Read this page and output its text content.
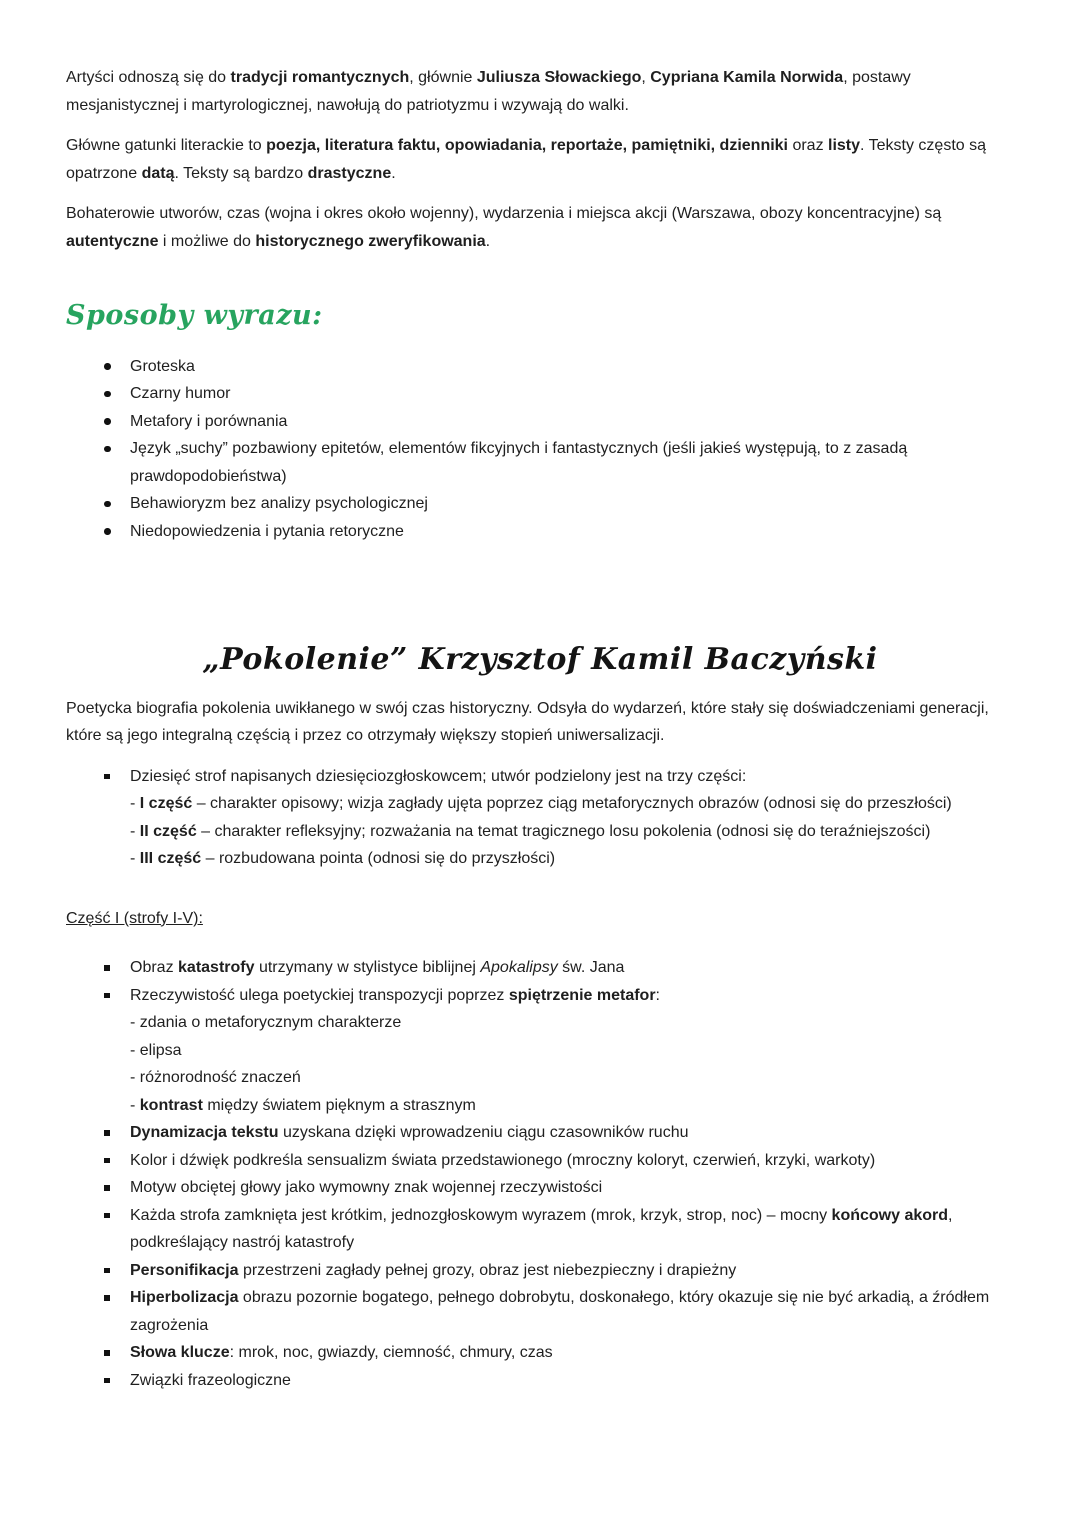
Artyści odnoszą się do tradycji romantycznych, głównie Juliusza Słowackiego, Cypriana Kamila Norwida, postawy mesjanistycznej i martyrologicznej, nawołują do patriotyzmu i wzywają do walki.

Główne gatunki literackie to poezja, literatura faktu, opowiadania, reportaże, pamiętniki, dzienniki oraz listy. Teksty często są opatrzone datą. Teksty są bardzo drastyczne.

Bohaterowie utworów, czas (wojna i okres około wojenny), wydarzenia i miejsca akcji (Warszawa, obozy koncentracyjne) są autentyczne i możliwe do historycznego zweryfikowania.

Sposoby wyrazu:
Groteska
Czarny humor
Metafory i porównania
Język „suchy” pozbawiony epitetów, elementów fikcyjnych i fantastycznych (jeśli jakieś występują, to z zasadą prawdopodobieństwa)
Behawioryzm bez analizy psychologicznej
Niedopowiedzenia i pytania retoryczne
„Pokolenie” Krzysztof Kamil Baczyński

Poetycka biografia pokolenia uwikłanego w swój czas historyczny. Odsyła do wydarzeń, które stały się doświadczeniami generacji, które są jego integralną częścią i przez co otrzymały większy stopień uniwersalizacji.

Dziesięć strof napisanych dziesięciozgłoskowcem; utwór podzielony jest na trzy części:
- I część – charakter opisowy; wizja zagłady ujęta poprzez ciąg metaforycznych obrazów (odnosi się do przeszłości)
- II część – charakter refleksyjny; rozważania na temat tragicznego losu pokolenia (odnosi się do teraźniejszości)
- III część – rozbudowana pointa (odnosi się do przyszłości)
Część I (strofy I-V):
Obraz katastrofy utrzymany w stylistyce biblijnej Apokalipsy św. Jana
Rzeczywistość ulega poetyckiej transpozycji poprzez spiętrzenie metafor:
- zdania o metaforycznym charakterze
- elipsa
- różnorodność znaczeń
- kontrast między światem pięknym a strasznym
Dynamizacja tekstu uzyskana dzięki wprowadzeniu ciągu czasowników ruchu
Kolor i dźwięk podkreśla sensualizm świata przedstawionego (mroczny koloryt, czerwień, krzyki, warkoty)
Motyw obciętej głowy jako wymowny znak wojennej rzeczywistości
Każda strofa zamknięta jest krótkim, jednozgłoskowym wyrazem (mrok, krzyk, strop, noc) – mocny końcowy akord, podkreślający nastrój katastrofy
Personifikacja przestrzeni zagłady pełnej grozy, obraz jest niebezpieczny i drapieżny
Hiperbolizacja obrazu pozornie bogatego, pełnego dobrobytu, doskonałego, który okazuje się nie być arkadią, a źródłem zagrożenia
Słowa klucze: mrok, noc, gwiazdy, ciemność, chmury, czas
Związki frazeologiczne
